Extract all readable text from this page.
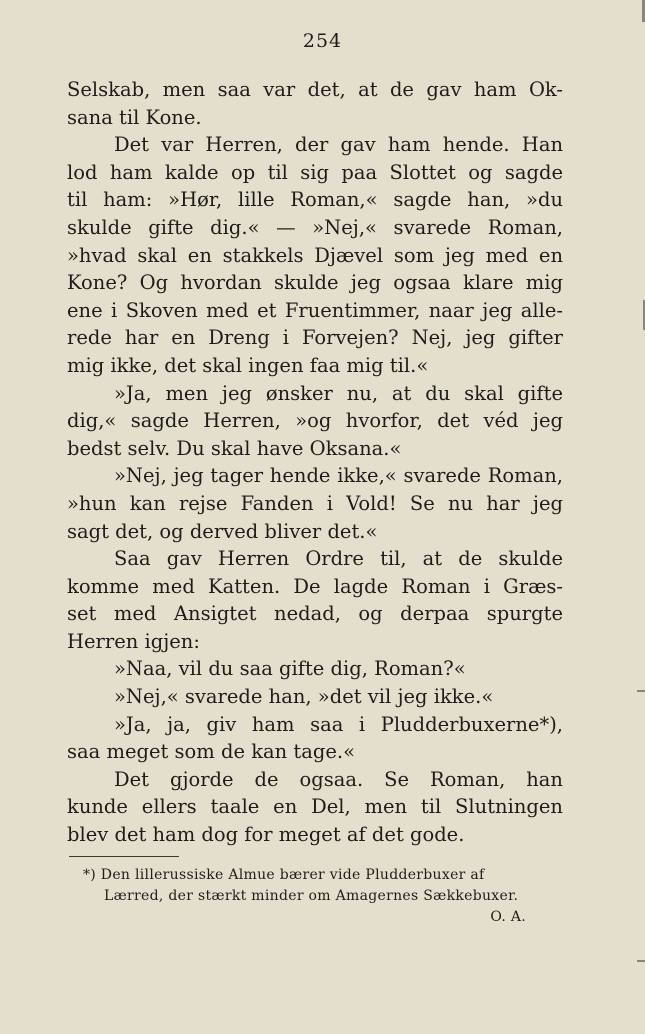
254
Selskab, men saa var det, at de gav ham Ok-
sana til Kone.
Det var Herren, der gav ham hende. Han
lod ham kalde op til sig paa Slottet og sagde
til ham: »Hør, lille Roman,« sagde han, »du
skulde gifte dig.« — »Nej,« svarede Roman,
»hvad skal en stakkels Djævel som jeg med en
Kone? Og hvordan skulde jeg ogsaa klare mig
ene i Skoven med et Fruentimmer, naar jeg alle-
rede har en Dreng i Forvejen? Nej, jeg gifter
mig ikke, det skal ingen faa mig til.«
»Ja, men jeg ønsker nu, at du skal gifte
dig,« sagde Herren, »og hvorfor, det véd jeg
bedst selv. Du skal have Oksana.«
»Nej, jeg tager hende ikke,« svarede Roman,
»hun kan rejse Fanden i Vold! Se nu har jeg
sagt det, og derved bliver det.«
Saa gav Herren Ordre til, at de skulde
komme med Katten. De lagde Roman i Græs-
set med Ansigtet nedad, og derpaa spurgte
Herren igjen:
»Naa, vil du saa gifte dig, Roman?«
»Nej,« svarede han, »det vil jeg ikke.«
»Ja, ja, giv ham saa i Pludderbuxerne*),
saa meget som de kan tage.«
Det gjorde de ogsaa. Se Roman, han
kunde ellers taale en Del, men til Slutningen
blev det ham dog for meget af det gode.
*) Den lillerussiske Almue bærer vide Pludderbuxer af
Lærred, der stærkt minder om Amagernes Sækkebuxer.
O. A.
